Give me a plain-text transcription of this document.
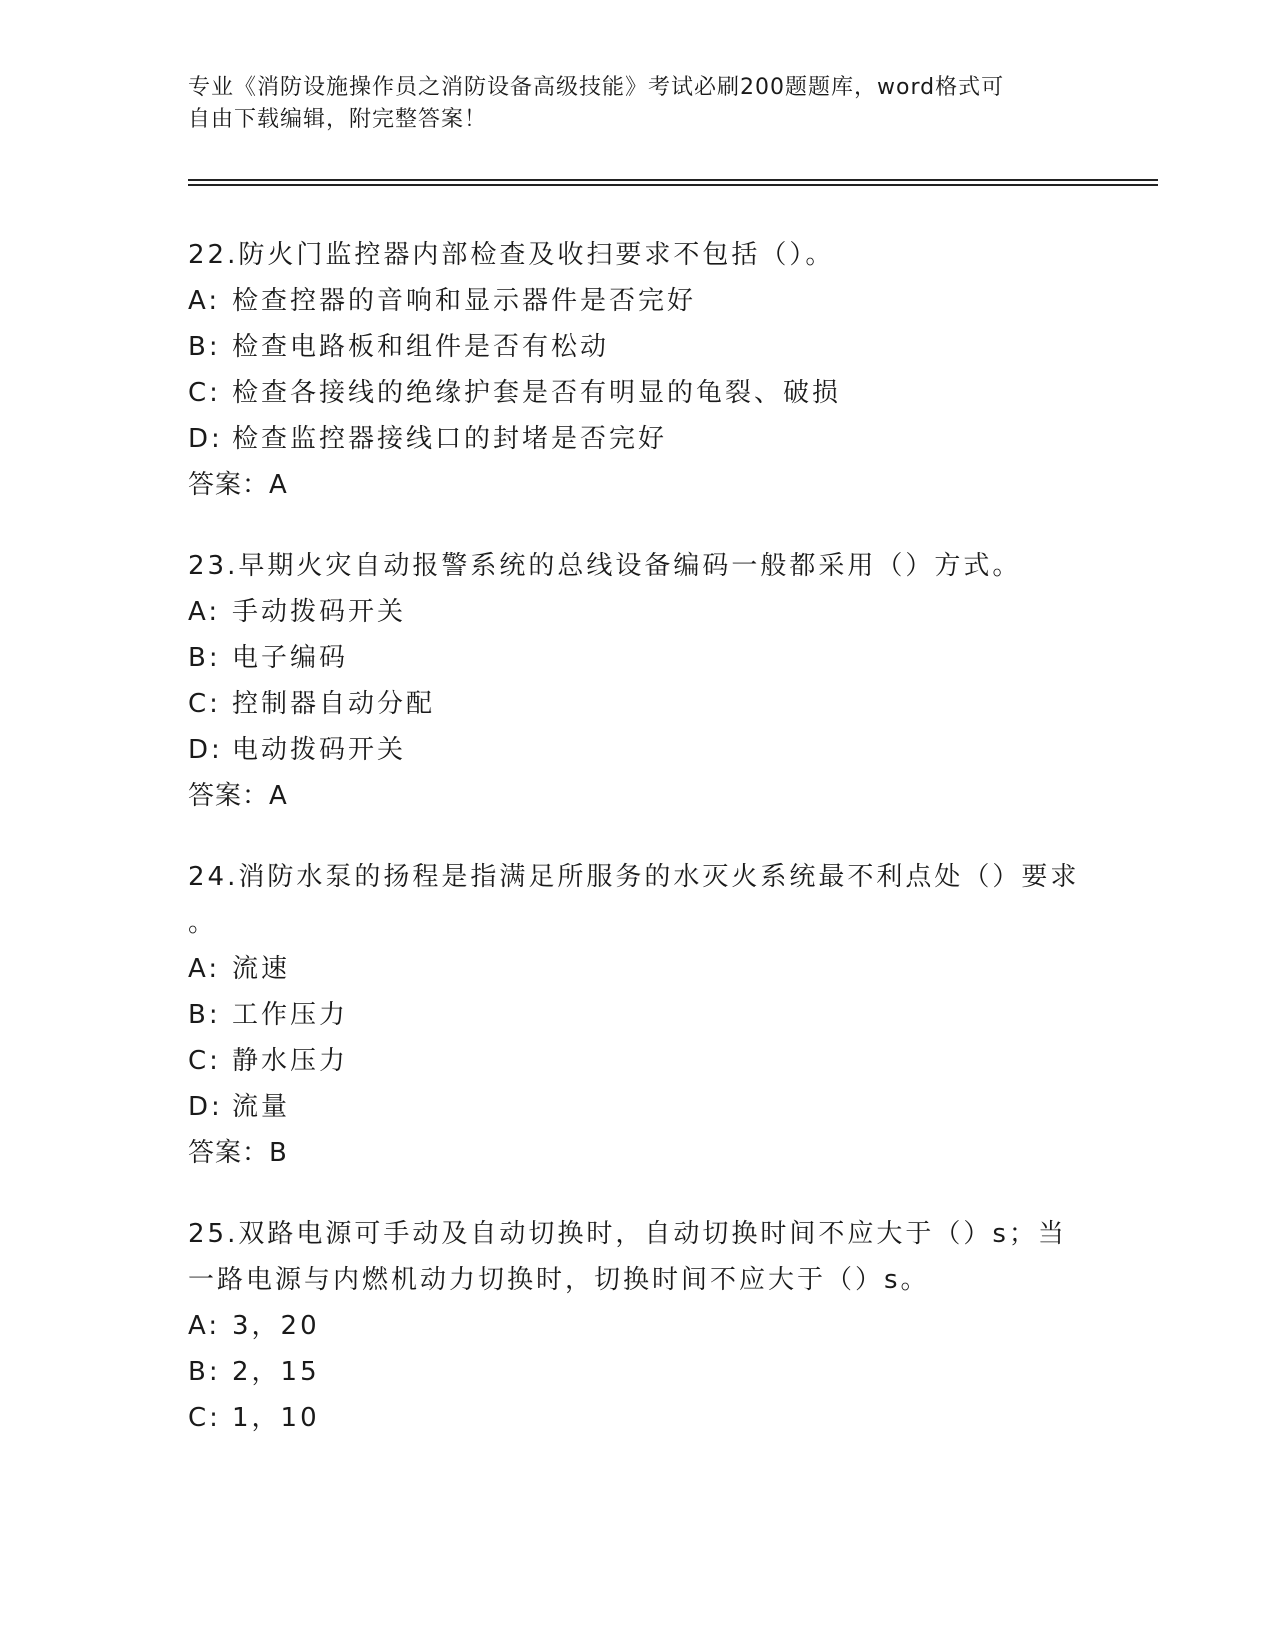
专业《消防设施操作员之消防设备高级技能》考试必刷200题题库，word格式可
自由下载编辑，附完整答案！
22.防火门监控器内部检查及收扫要求不包括（）。
A: 检查控器的音响和显示器件是否完好
B: 检查电路板和组件是否有松动
C: 检查各接线的绝缘护套是否有明显的龟裂、破损
D: 检查监控器接线口的封堵是否完好
答案：A
23.早期火灾自动报警系统的总线设备编码一般都采用（）方式。
A: 手动拨码开关
B: 电子编码
C: 控制器自动分配
D: 电动拨码开关
答案：A
24.消防水泵的扬程是指满足所服务的水灭火系统最不利点处（）要求
。
A: 流速
B: 工作压力
C: 静水压力
D: 流量
答案：B
25.双路电源可手动及自动切换时，自动切换时间不应大于（）s；当
一路电源与内燃机动力切换时，切换时间不应大于（）s。
A: 3，20
B: 2，15
C: 1，10
